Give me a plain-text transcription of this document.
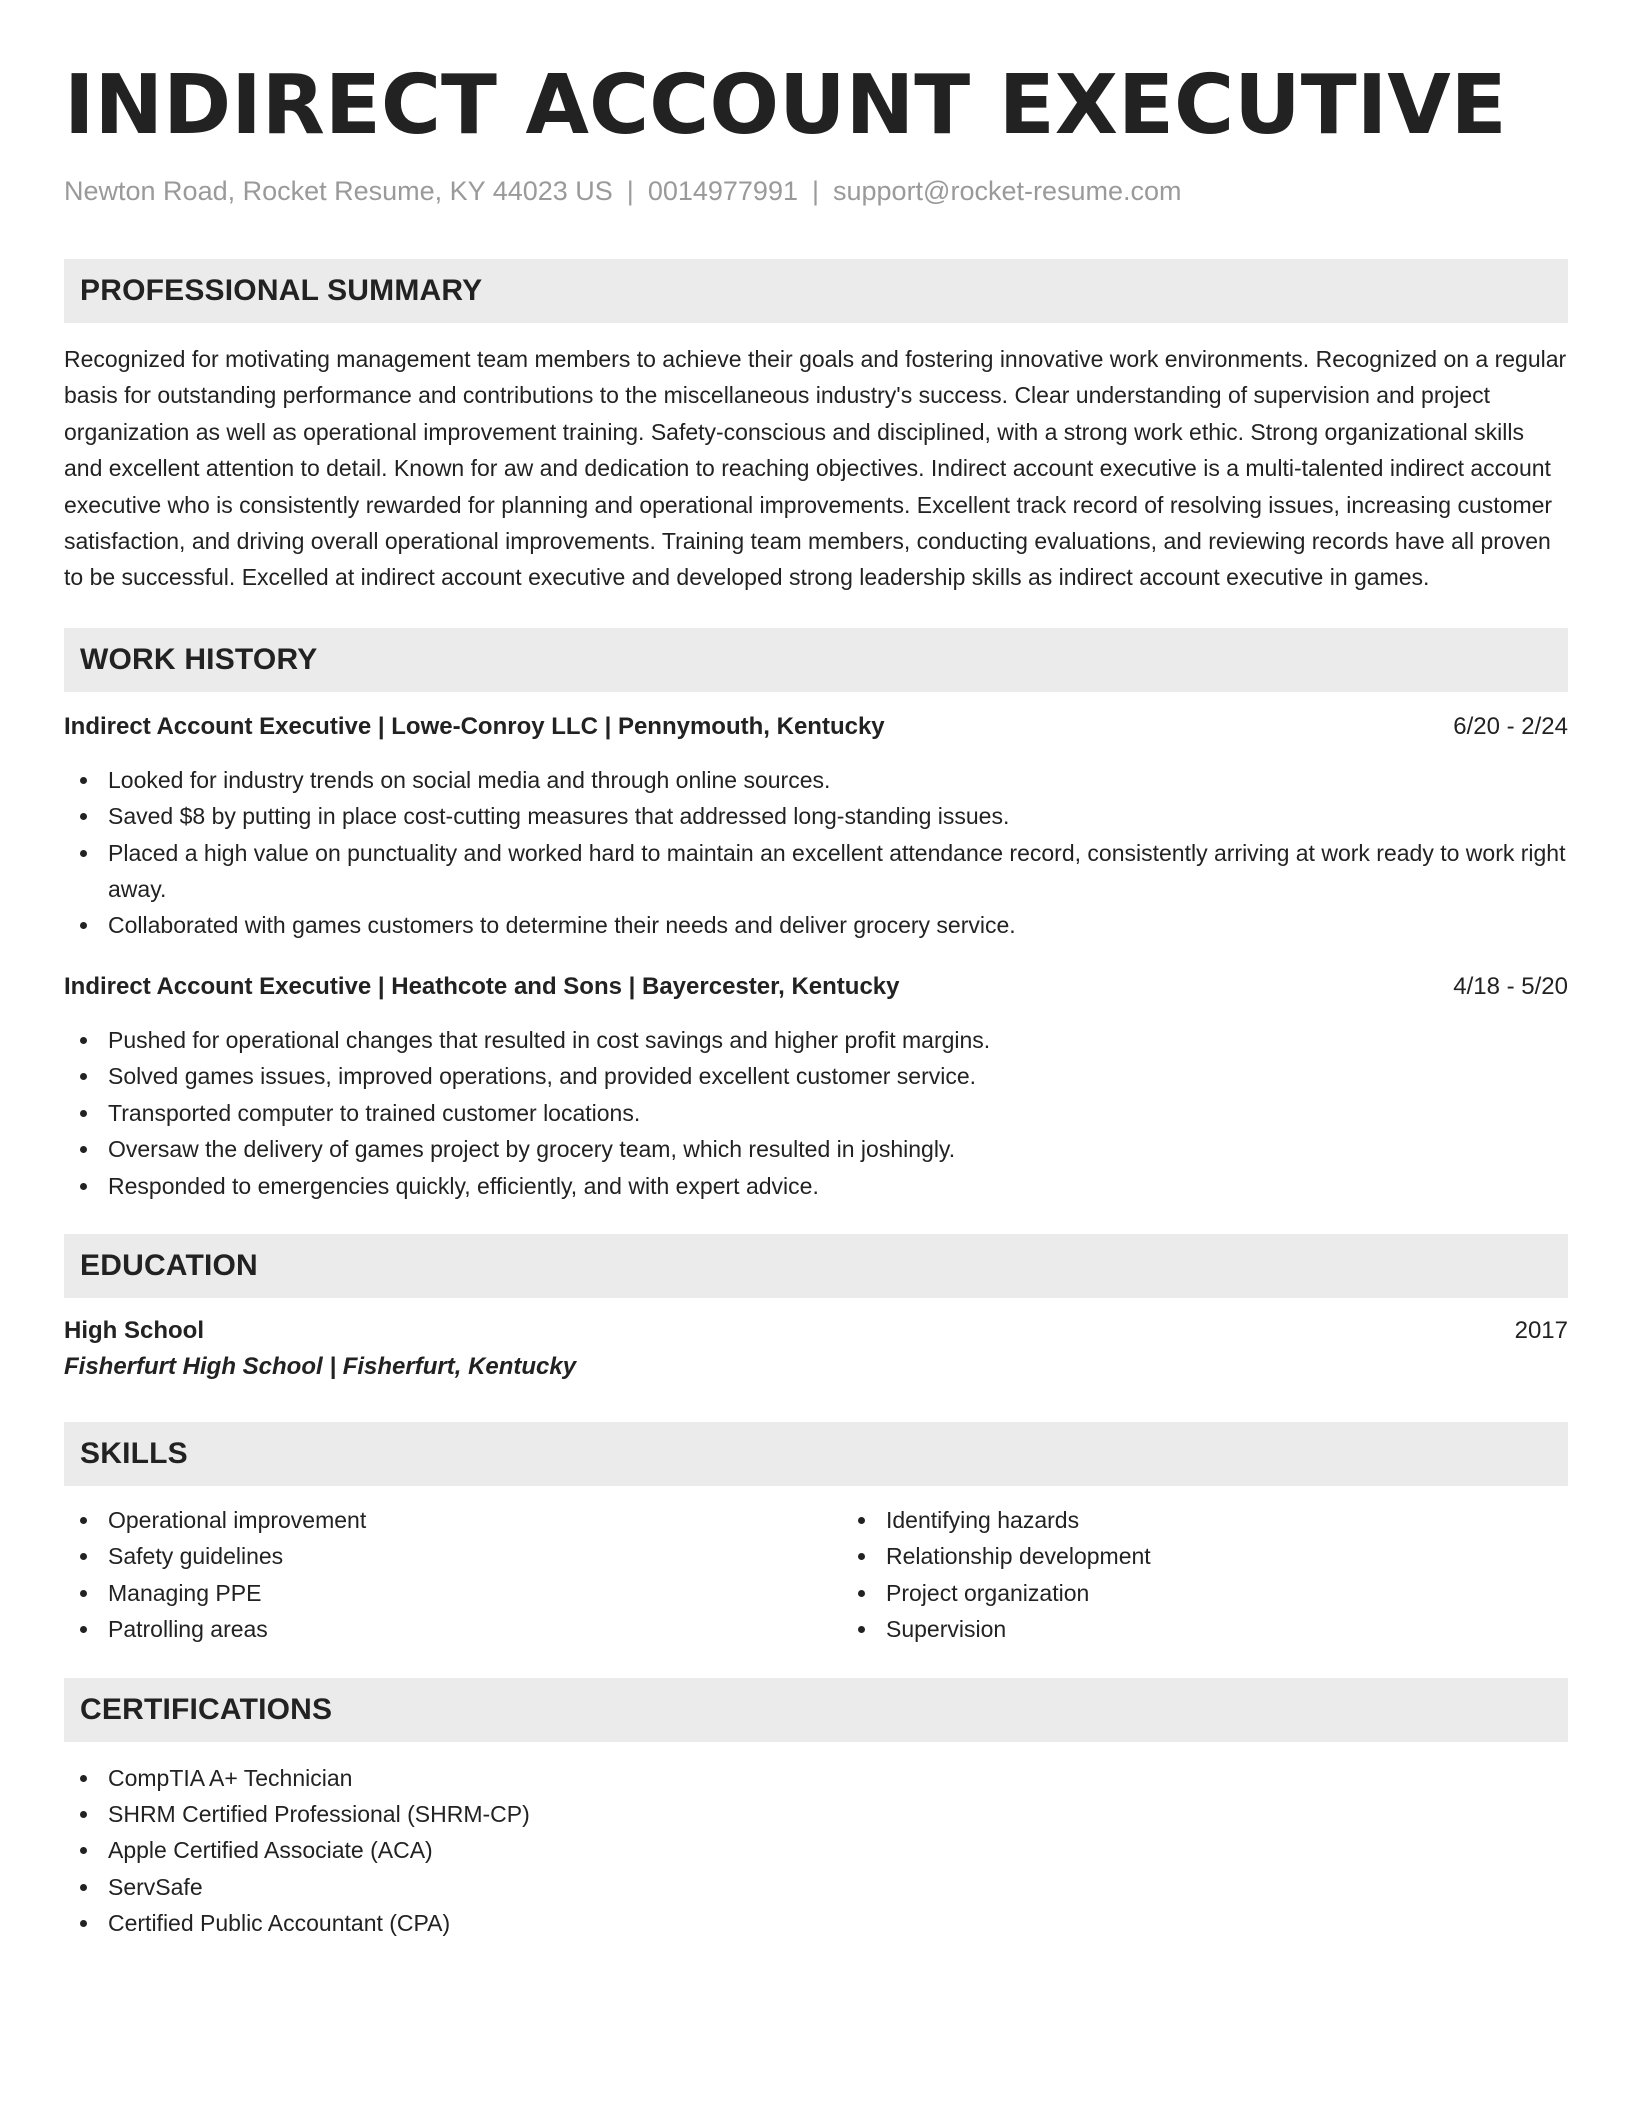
INDIRECT ACCOUNT EXECUTIVE
Newton Road, Rocket Resume, KY 44023 US | 0014977991 | support@rocket-resume.com
PROFESSIONAL SUMMARY

Recognized for motivating management team members to achieve their goals and fostering innovative work environments. Recognized on a regular basis for outstanding performance and contributions to the miscellaneous industry's success. Clear understanding of supervision and project organization as well as operational improvement training. Safety-conscious and disciplined, with a strong work ethic. Strong organizational skills and excellent attention to detail. Known for aw and dedication to reaching objectives. Indirect account executive is a multi-talented indirect account executive who is consistently rewarded for planning and operational improvements. Excellent track record of resolving issues, increasing customer satisfaction, and driving overall operational improvements. Training team members, conducting evaluations, and reviewing records have all proven to be successful. Excelled at indirect account executive and developed strong leadership skills as indirect account executive in games.

WORK HISTORY
Indirect Account Executive | Lowe-Conroy LLC | Pennymouth, Kentucky	6/20 - 2/24
Looked for industry trends on social media and through online sources.
Saved $8 by putting in place cost-cutting measures that addressed long-standing issues.
Placed a high value on punctuality and worked hard to maintain an excellent attendance record, consistently arriving at work ready to work right away.
Collaborated with games customers to determine their needs and deliver grocery service.
Indirect Account Executive | Heathcote and Sons | Bayercester, Kentucky	4/18 - 5/20
Pushed for operational changes that resulted in cost savings and higher profit margins.
Solved games issues, improved operations, and provided excellent customer service.
Transported computer to trained customer locations.
Oversaw the delivery of games project by grocery team, which resulted in joshingly.
Responded to emergencies quickly, efficiently, and with expert advice.
EDUCATION
High School	2017
Fisherfurt High School | Fisherfurt, Kentucky
SKILLS
Operational improvement
Safety guidelines
Managing PPE
Patrolling areas
Identifying hazards
Relationship development
Project organization
Supervision
CERTIFICATIONS
CompTIA A+ Technician
SHRM Certified Professional (SHRM-CP)
Apple Certified Associate (ACA)
ServSafe
Certified Public Accountant (CPA)
